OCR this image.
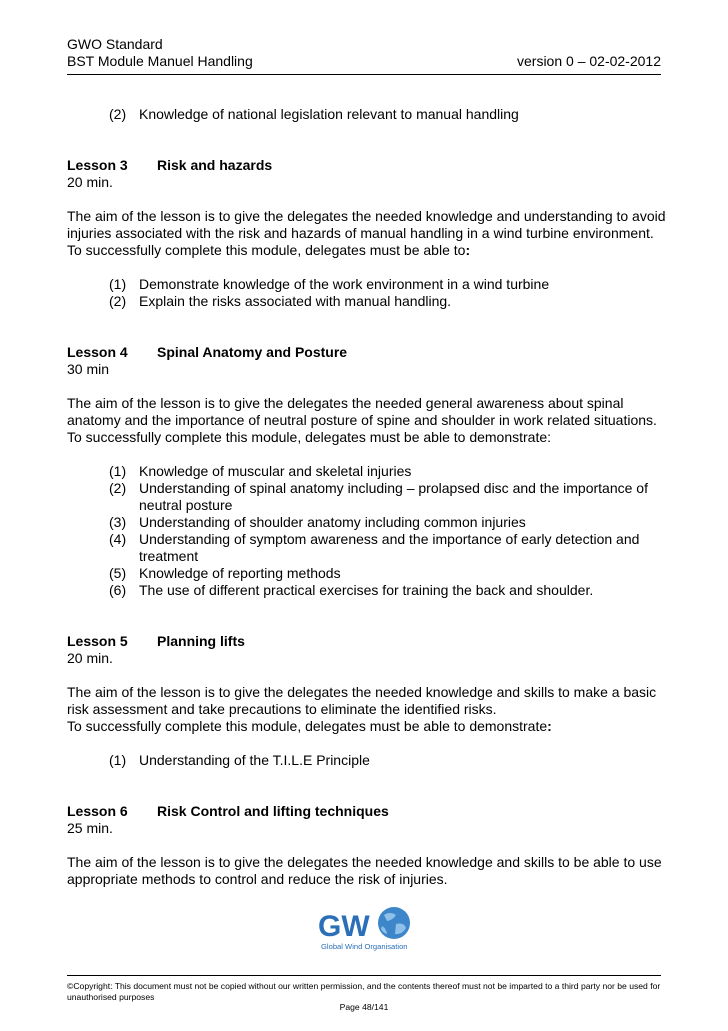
GWO Standard
BST Module Manuel Handling	version 0 – 02-02-2012
(2) Knowledge of national legislation relevant to manual handling
Lesson 3	Risk and hazards
20 min.
The aim of the lesson is to give the delegates the needed knowledge and understanding to avoid injuries associated with the risk and hazards of manual handling in a wind turbine environment.
To successfully complete this module, delegates must be able to:
(1) Demonstrate knowledge of the work environment in a wind turbine
(2) Explain the risks associated with manual handling.
Lesson 4	Spinal Anatomy and Posture
30 min
The aim of the lesson is to give the delegates the needed general awareness about spinal anatomy and the importance of neutral posture of spine and shoulder in work related situations.
To successfully complete this module, delegates must be able to demonstrate:
(1) Knowledge of muscular and skeletal injuries
(2) Understanding of spinal anatomy including – prolapsed disc and the importance of neutral posture
(3) Understanding of shoulder anatomy including common injuries
(4) Understanding of symptom awareness and the importance of early detection and treatment
(5) Knowledge of reporting methods
(6) The use of different practical exercises for training the back and shoulder.
Lesson 5	Planning lifts
20 min.
The aim of the lesson is to give the delegates the needed knowledge and skills to make a basic risk assessment and take precautions to eliminate the identified risks.
To successfully complete this module, delegates must be able to demonstrate:
(1) Understanding of the T.I.L.E Principle
Lesson 6	Risk Control and lifting techniques
25 min.
The aim of the lesson is to give the delegates the needed knowledge and skills to be able to use appropriate methods to control and reduce the risk of injuries.
GW
Global Wind Organisation
©Copyright: This document must not be copied without our written permission, and the contents thereof must not be imparted to a third party nor be used for unauthorised purposes
Page 48/141
